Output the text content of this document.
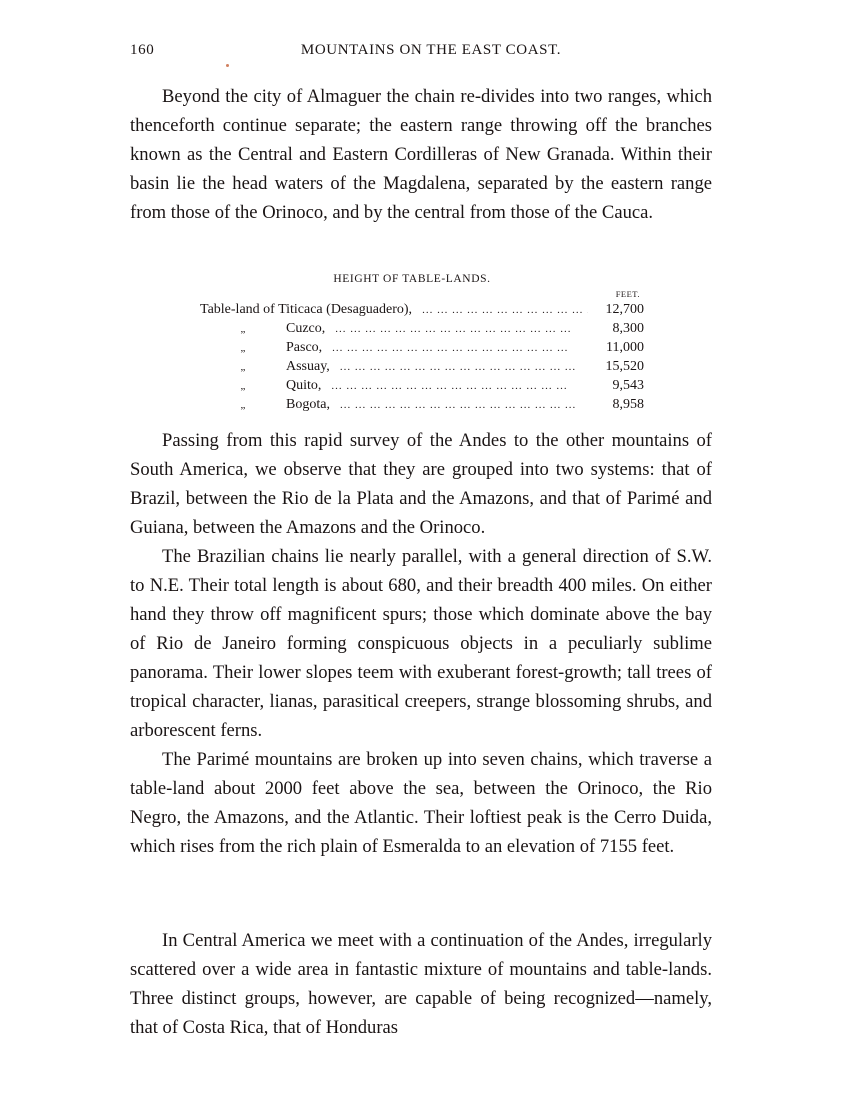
160	MOUNTAINS ON THE EAST COAST.

Beyond the city of Almaguer the chain re-divides into two ranges, which thenceforth continue separate; the eastern range throwing off the branches known as the Central and Eastern Cordilleras of New Granada. Within their basin lie the head waters of the Magdalena, separated by the eastern range from those of the Orinoco, and by the central from those of the Cauca.

HEIGHT OF TABLE-LANDS.
FEET.
Table-land of Titicaca (Desaguadero), ... .	12,700
„	Cuzco, ... .	8,300
„	Pasco, ... .	11,000
„	Assuay, ... .	15,520
„	Quito, ... .	9,543
„	Bogota, ... .	8,958

Passing from this rapid survey of the Andes to the other mountains of South America, we observe that they are grouped into two systems: that of Brazil, between the Rio de la Plata and the Amazons, and that of Parimé and Guiana, between the Amazons and the Orinoco.

The Brazilian chains lie nearly parallel, with a general direction of S.W. to N.E. Their total length is about 680, and their breadth 400 miles. On either hand they throw off magnificent spurs; those which dominate above the bay of Rio de Janeiro forming conspicuous objects in a peculiarly sublime panorama. Their lower slopes teem with exuberant forest-growth; tall trees of tropical character, lianas, parasitical creepers, strange blossoming shrubs, and arborescent ferns.

The Parimé mountains are broken up into seven chains, which traverse a table-land about 2000 feet above the sea, between the Orinoco, the Rio Negro, the Amazons, and the Atlantic. Their loftiest peak is the Cerro Duida, which rises from the rich plain of Esmeralda to an elevation of 7155 feet.

In Central America we meet with a continuation of the Andes, irregularly scattered over a wide area in fantastic mixture of mountains and table-lands. Three distinct groups, however, are capable of being recognized—namely, that of Costa Rica, that of Honduras
